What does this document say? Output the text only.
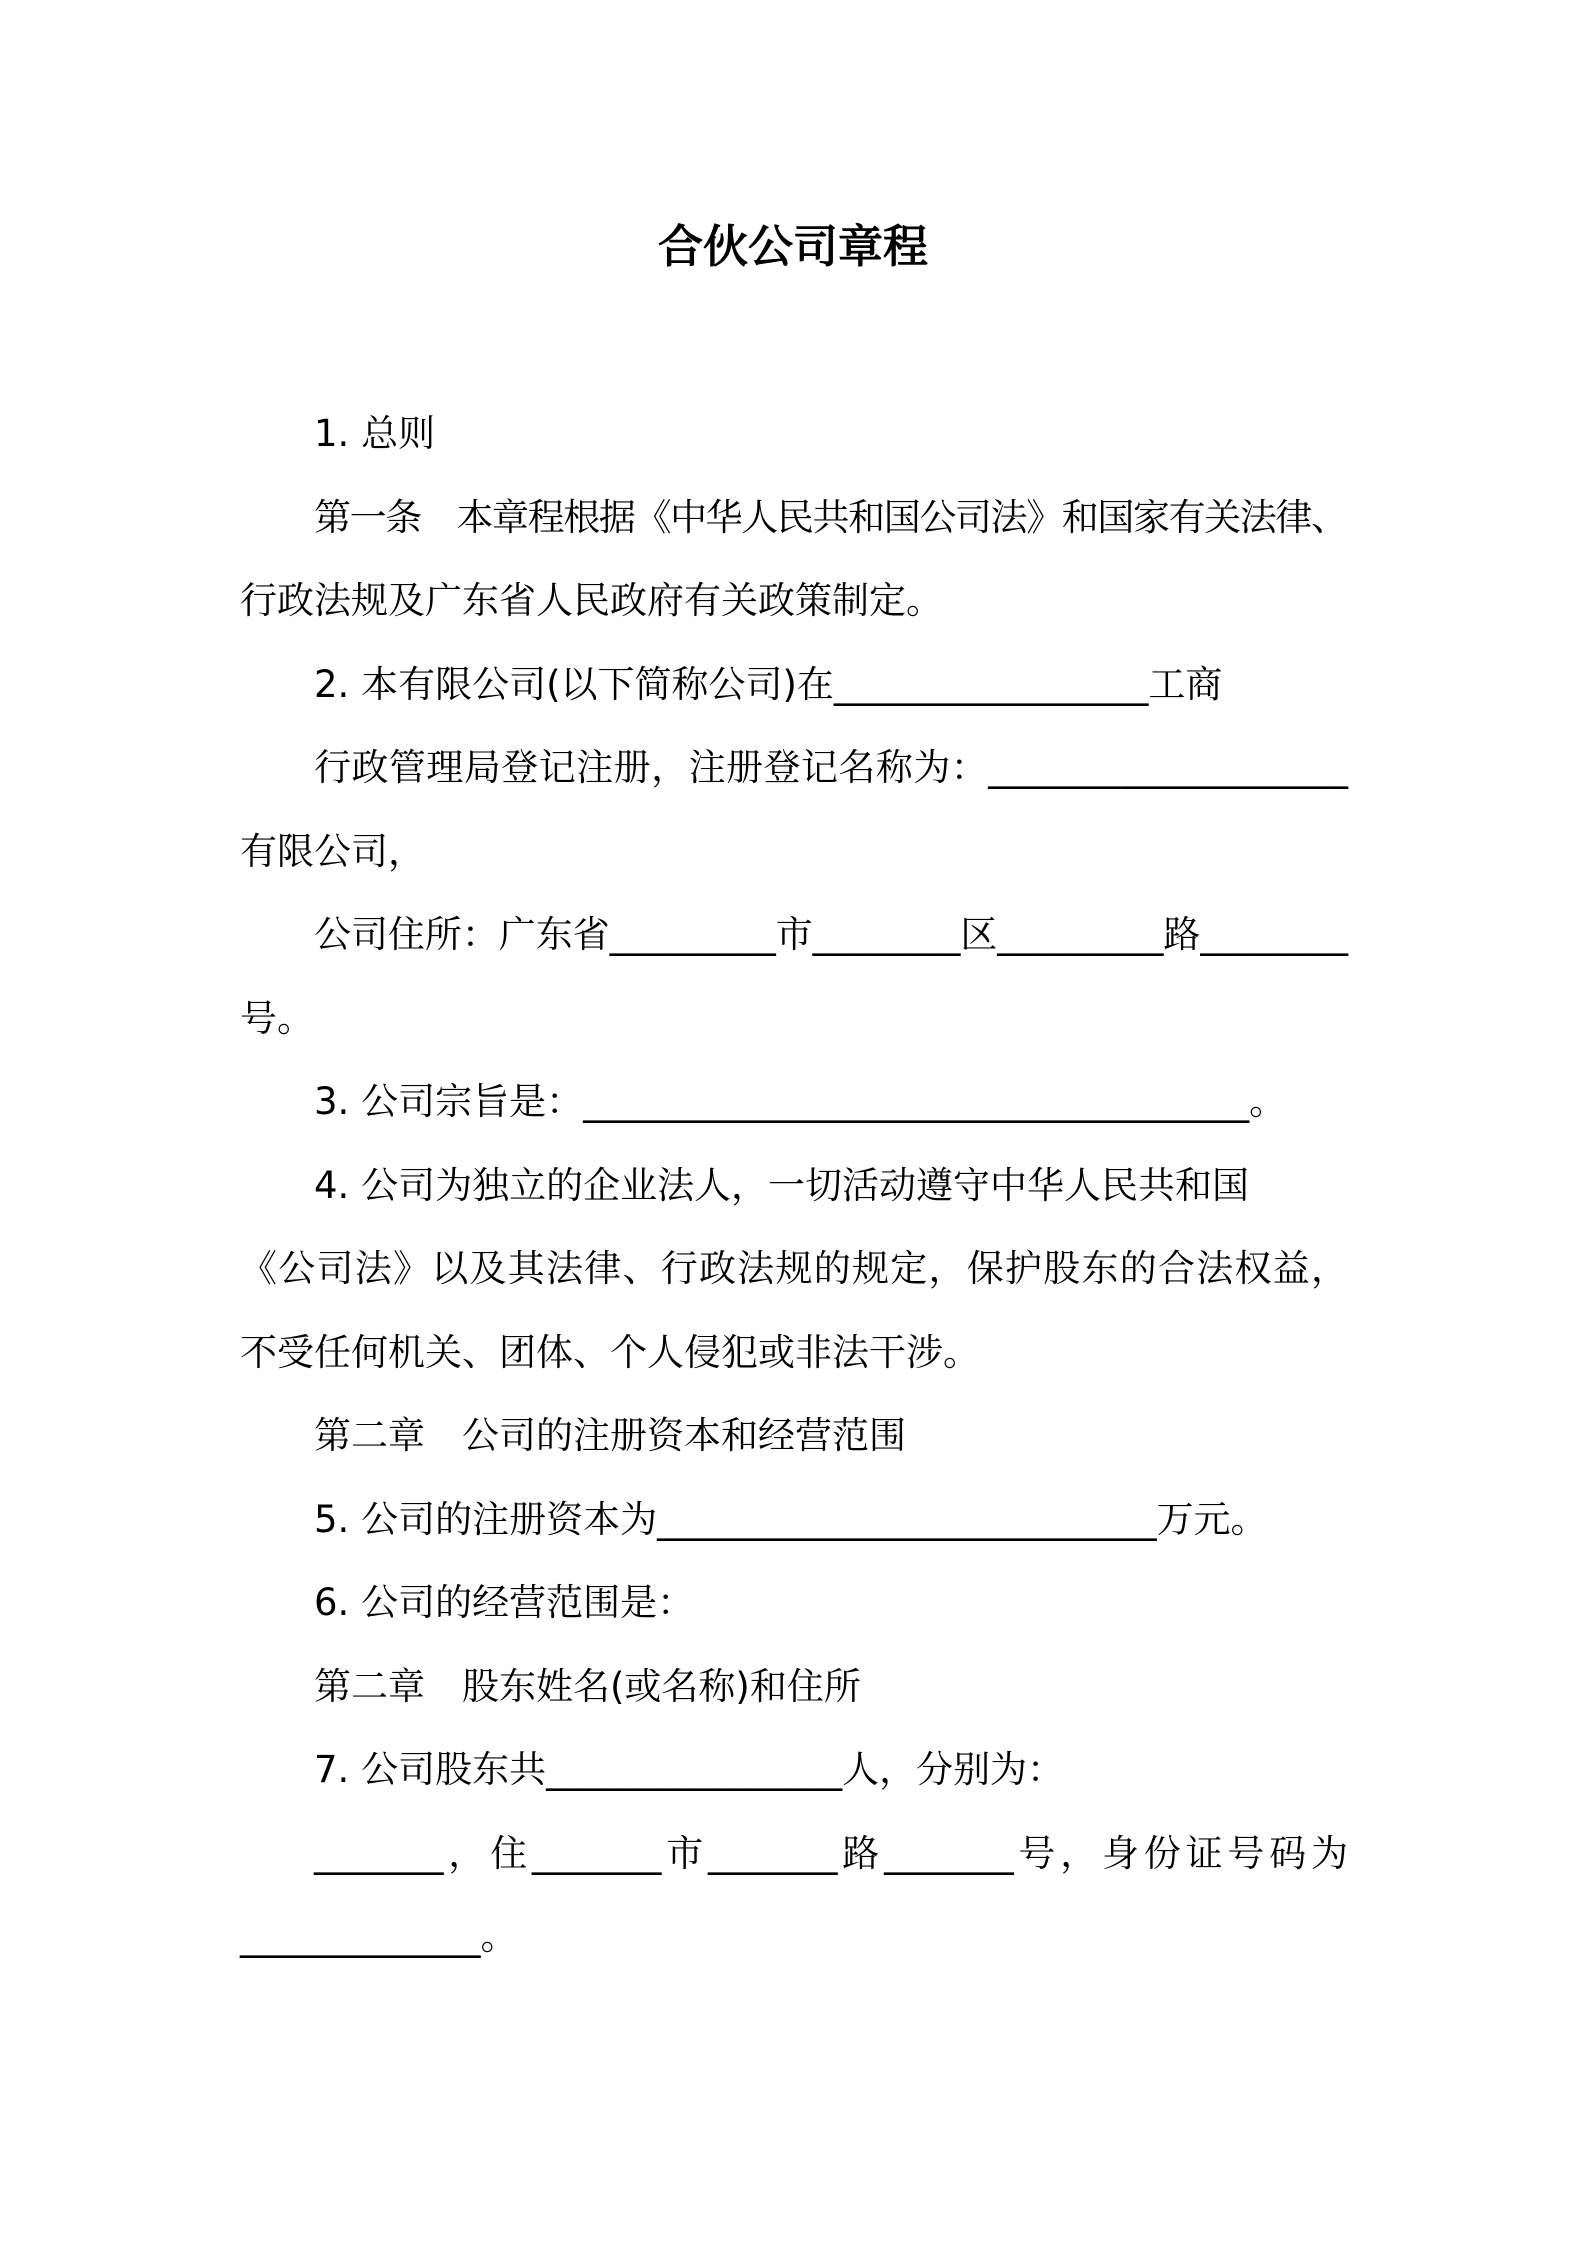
合伙公司章程
1. 总则
第一条　本章程根据《中华人民共和国公司法》和国家有关法律、
行政法规及广东省人民政府有关政策制定。
2. 本有限公司(以下简称公司)在_________________工商
行政管理局登记注册，注册登记名称为：___________________
有限公司，
公司住所：广东省_________市________区_________路________
号。
3. 公司宗旨是：____________________________________。
4. 公司为独立的企业法人，一切活动遵守中华人民共和国
《公司法》以及其法律、行政法规的规定，保护股东的合法权益，
不受任何机关、团体、个人侵犯或非法干涉。
第二章　公司的注册资本和经营范围
5. 公司的注册资本为___________________________万元。
6. 公司的经营范围是：
第二章　股东姓名(或名称)和住所
7. 公司股东共________________人，分别为：
_______，住_______市_______路_______号，身份证号码为
_____________。
